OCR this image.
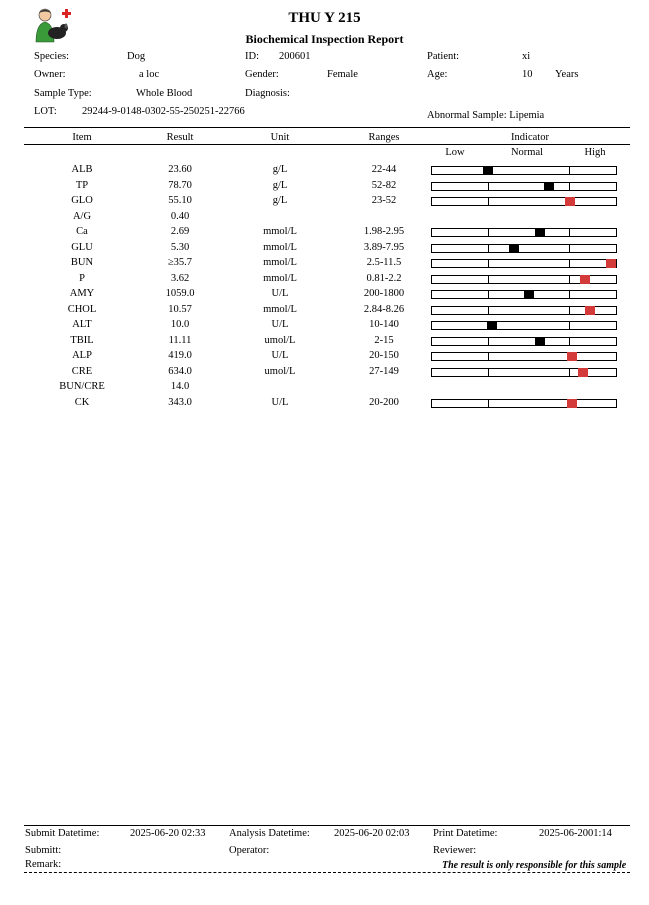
THU Y 215
Biochemical Inspection Report
Species:	Dog	ID: 200601	Patient:	xi
Owner:	a loc	Gender:	Female	Age:	10 Years
Sample Type:	Whole Blood	Diagnosis:
LOT: 29244-9-0148-0302-55-250251-22766	Abnormal Sample: Lipemia
Item	Result	Unit	Ranges	Indicator
Low	Normal	High
ALB	23.60	g/L	22-44
TP	78.70	g/L	52-82
GLO	55.10	g/L	23-52
A/G	0.40
Ca	2.69	mmol/L	1.98-2.95
GLU	5.30	mmol/L	3.89-7.95
BUN	≥35.7	mmol/L	2.5-11.5
P	3.62	mmol/L	0.81-2.2
AMY	1059.0	U/L	200-1800
CHOL	10.57	mmol/L	2.84-8.26
ALT	10.0	U/L	10-140
TBIL	11.11	umol/L	2-15
ALP	419.0	U/L	20-150
CRE	634.0	umol/L	27-149
BUN/CRE	14.0
CK	343.0	U/L	20-200
Submit Datetime:	2025-06-20 02:33 Analysis Datetime: 2025-06-20 02:03 Print Datetime:	2025-06-2001:14
Submitt:	Operator:	Reviewer:
Remark:	The result is only responsible for this sample
